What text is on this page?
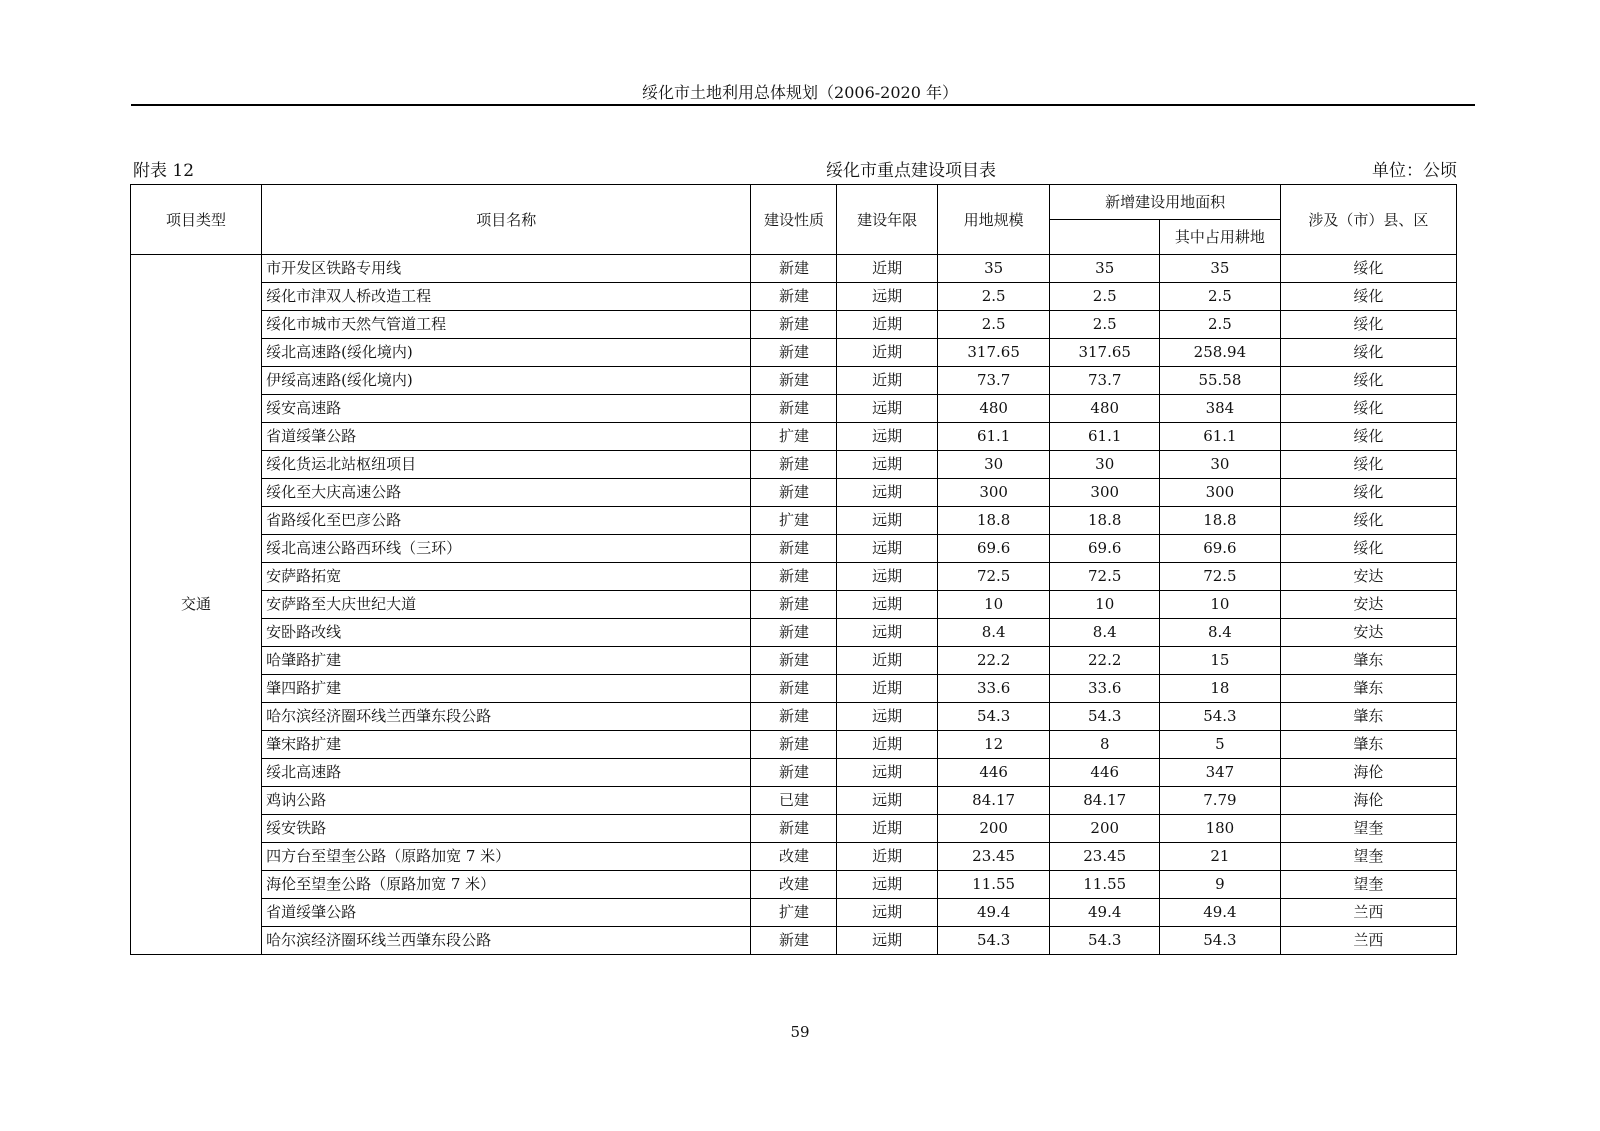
绥化市土地利用总体规划（2006-2020 年）
附表 12	绥化市重点建设项目表	单位：公顷
项目类型	项目名称	建设性质	建设年限	用地规模	新增建设用地面积		涉及（市）县、区
						其中占用耕地	
交通	市开发区铁路专用线	新建	近期	35	35	35	绥化
	绥化市津双人桥改造工程	新建	远期	2.5	2.5	2.5	绥化
	绥化市城市天然气管道工程	新建	近期	2.5	2.5	2.5	绥化
	绥北高速路(绥化境内)	新建	近期	317.65	317.65	258.94	绥化
	伊绥高速路(绥化境内)	新建	近期	73.7	73.7	55.58	绥化
	绥安高速路	新建	远期	480	480	384	绥化
	省道绥肇公路	扩建	远期	61.1	61.1	61.1	绥化
	绥化货运北站枢纽项目	新建	远期	30	30	30	绥化
	绥化至大庆高速公路	新建	远期	300	300	300	绥化
	省路绥化至巴彦公路	扩建	远期	18.8	18.8	18.8	绥化
	绥北高速公路西环线（三环）	新建	远期	69.6	69.6	69.6	绥化
	安萨路拓宽	新建	远期	72.5	72.5	72.5	安达
	安萨路至大庆世纪大道	新建	远期	10	10	10	安达
	安卧路改线	新建	远期	8.4	8.4	8.4	安达
	哈肇路扩建	新建	近期	22.2	22.2	15	肇东
	肇四路扩建	新建	近期	33.6	33.6	18	肇东
	哈尔滨经济圈环线兰西肇东段公路	新建	远期	54.3	54.3	54.3	肇东
	肇宋路扩建	新建	近期	12	8	5	肇东
	绥北高速路	新建	远期	446	446	347	海伦
	鸡讷公路	已建	远期	84.17	84.17	7.79	海伦
	绥安铁路	新建	近期	200	200	180	望奎
	四方台至望奎公路（原路加宽 7 米）	改建	近期	23.45	23.45	21	望奎
	海伦至望奎公路（原路加宽 7 米）	改建	远期	11.55	11.55	9	望奎
	省道绥肇公路	扩建	远期	49.4	49.4	49.4	兰西
	哈尔滨经济圈环线兰西肇东段公路	新建	远期	54.3	54.3	54.3	兰西
59
